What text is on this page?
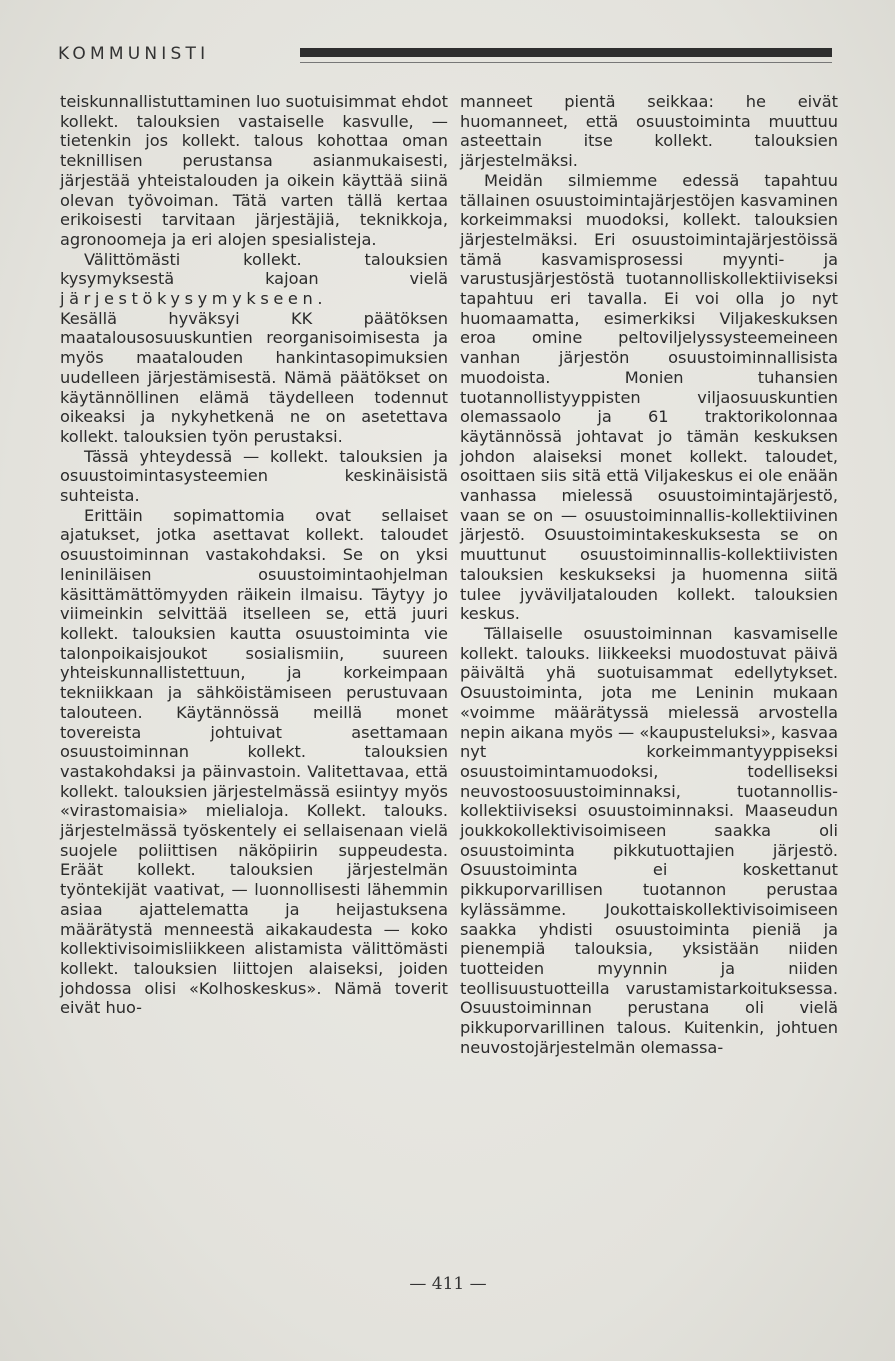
KOMMUNISTI

teiskunnallistuttaminen luo suotuisimmat ehdot kollekt. talouksien vastaiselle kasvulle, — tietenkin jos kollekt. talous kohottaa oman teknillisen perustansa asianmukaisesti, järjestää yhteistalouden ja oikein käyttää siinä olevan työvoiman. Tätä varten tällä kertaa erikoisesti tarvitaan järjestäjiä, teknikkoja, agronoomeja ja eri alojen spesialisteja.

Välittömästi kollekt. talouksien kysymyksestä kajoan vielä järjestökysymykseen.

Kesällä hyväksyi KK päätöksen maatalousosuuskuntien reorganisoimisesta ja myös maatalouden hankintasopimuksien uudelleen järjestämisestä. Nämä päätökset on käytännöllinen elämä täydelleen todennut oikeaksi ja nykyhetkenä ne on asetettava kollekt. talouksien työn perustaksi.

Tässä yhteydessä — kollekt. talouksien ja osuustoimintasysteemien keskinäisistä suhteista.

Erittäin sopimattomia ovat sellaiset ajatukset, jotka asettavat kollekt. taloudet osuustoiminnan vastakohdaksi. Se on yksi leniniläisen osuustoimintaohjelman käsittämättömyyden räikein ilmaisu. Täytyy jo viimeinkin selvittää itselleen se, että juuri kollekt. talouksien kautta osuustoiminta vie talonpoikaisjoukot sosialismiin, suureen yhteiskunnallistettuun, ja korkeimpaan tekniikkaan ja sähköistämiseen perustuvaan talouteen. Käytännössä meillä monet tovereista johtuivat asettamaan osuustoiminnan kollekt. talouksien vastakohdaksi ja päinvastoin. Valitettavaa, että kollekt. talouksien järjestelmässä esiintyy myös «virastomaisia» mielialoja. Kollekt. talouks. järjestelmässä työskentely ei sellaisenaan vielä suojele poliittisen näköpiirin suppeudesta. Eräät kollekt. talouksien järjestelmän työntekijät vaativat, — luonnollisesti lähemmin asiaa ajattelematta ja heijastuksena määrätystä menneestä aikakaudesta — koko kollektivisoimisliikkeen alistamista välittömästi kollekt. talouksien liittojen alaiseksi, joiden johdossa olisi «Kolhoskeskus». Nämä toverit eivät huo-

manneet pientä seikkaa: he eivät huomanneet, että osuustoiminta muuttuu asteettain itse kollekt. talouksien järjestelmäksi.

Meidän silmiemme edessä tapahtuu tällainen osuustoimintajärjestöjen kasvaminen korkeimmaksi muodoksi, kollekt. talouksien järjestelmäksi. Eri osuustoimintajärjestöissä tämä kasvamisprosessi myynti- ja varustusjärjestöstä tuotannolliskollektiiviseksi tapahtuu eri tavalla. Ei voi olla jo nyt huomaamatta, esimerkiksi Viljakeskuksen eroa omine peltoviljelyssysteemeineen vanhan järjestön osuustoiminnallisista muodoista. Monien tuhansien tuotannollistyyppisten viljaosuuskuntien olemassaolo ja 61 traktorikolonnaa käytännössä johtavat jo tämän keskuksen johdon alaiseksi monet kollekt. taloudet, osoittaen siis sitä että Viljakeskus ei ole enään vanhassa mielessä osuustoimintajärjestö, vaan se on — osuustoiminnallis-kollektiivinen järjestö. Osuustoimintakeskuksesta se on muuttunut osuustoiminnallis-kollektiivisten talouksien keskukseksi ja huomenna siitä tulee jyväviljatalouden kollekt. talouksien keskus.

Tällaiselle osuustoiminnan kasvamiselle kollekt. talouks. liikkeeksi muodostuvat päivä päivältä yhä suotuisammat edellytykset. Osuustoiminta, jota me Leninin mukaan «voimme määrätyssä mielessä arvostella nepin aikana myös — «kaupusteluksi», kasvaa nyt korkeimmantyyppiseksi osuustoimintamuodoksi, todelliseksi neuvostoosuustoiminnaksi, tuotannollis-kollektiiviseksi osuustoiminnaksi. Maaseudun joukkokollektivisoimiseen saakka oli osuustoiminta pikkutuottajien järjestö. Osuustoiminta ei koskettanut pikkuporvarillisen tuotannon perustaa kylässämme. Joukottaiskollektivisoimiseen saakka yhdisti osuustoiminta pieniä ja pienempiä talouksia, yksistään niiden tuotteiden myynnin ja niiden teollisuustuotteilla varustamistarkoituksessa. Osuustoiminnan perustana oli vielä pikkuporvarillinen talous. Kuitenkin, johtuen neuvostojärjestelmän olemassa-

— 411 —
